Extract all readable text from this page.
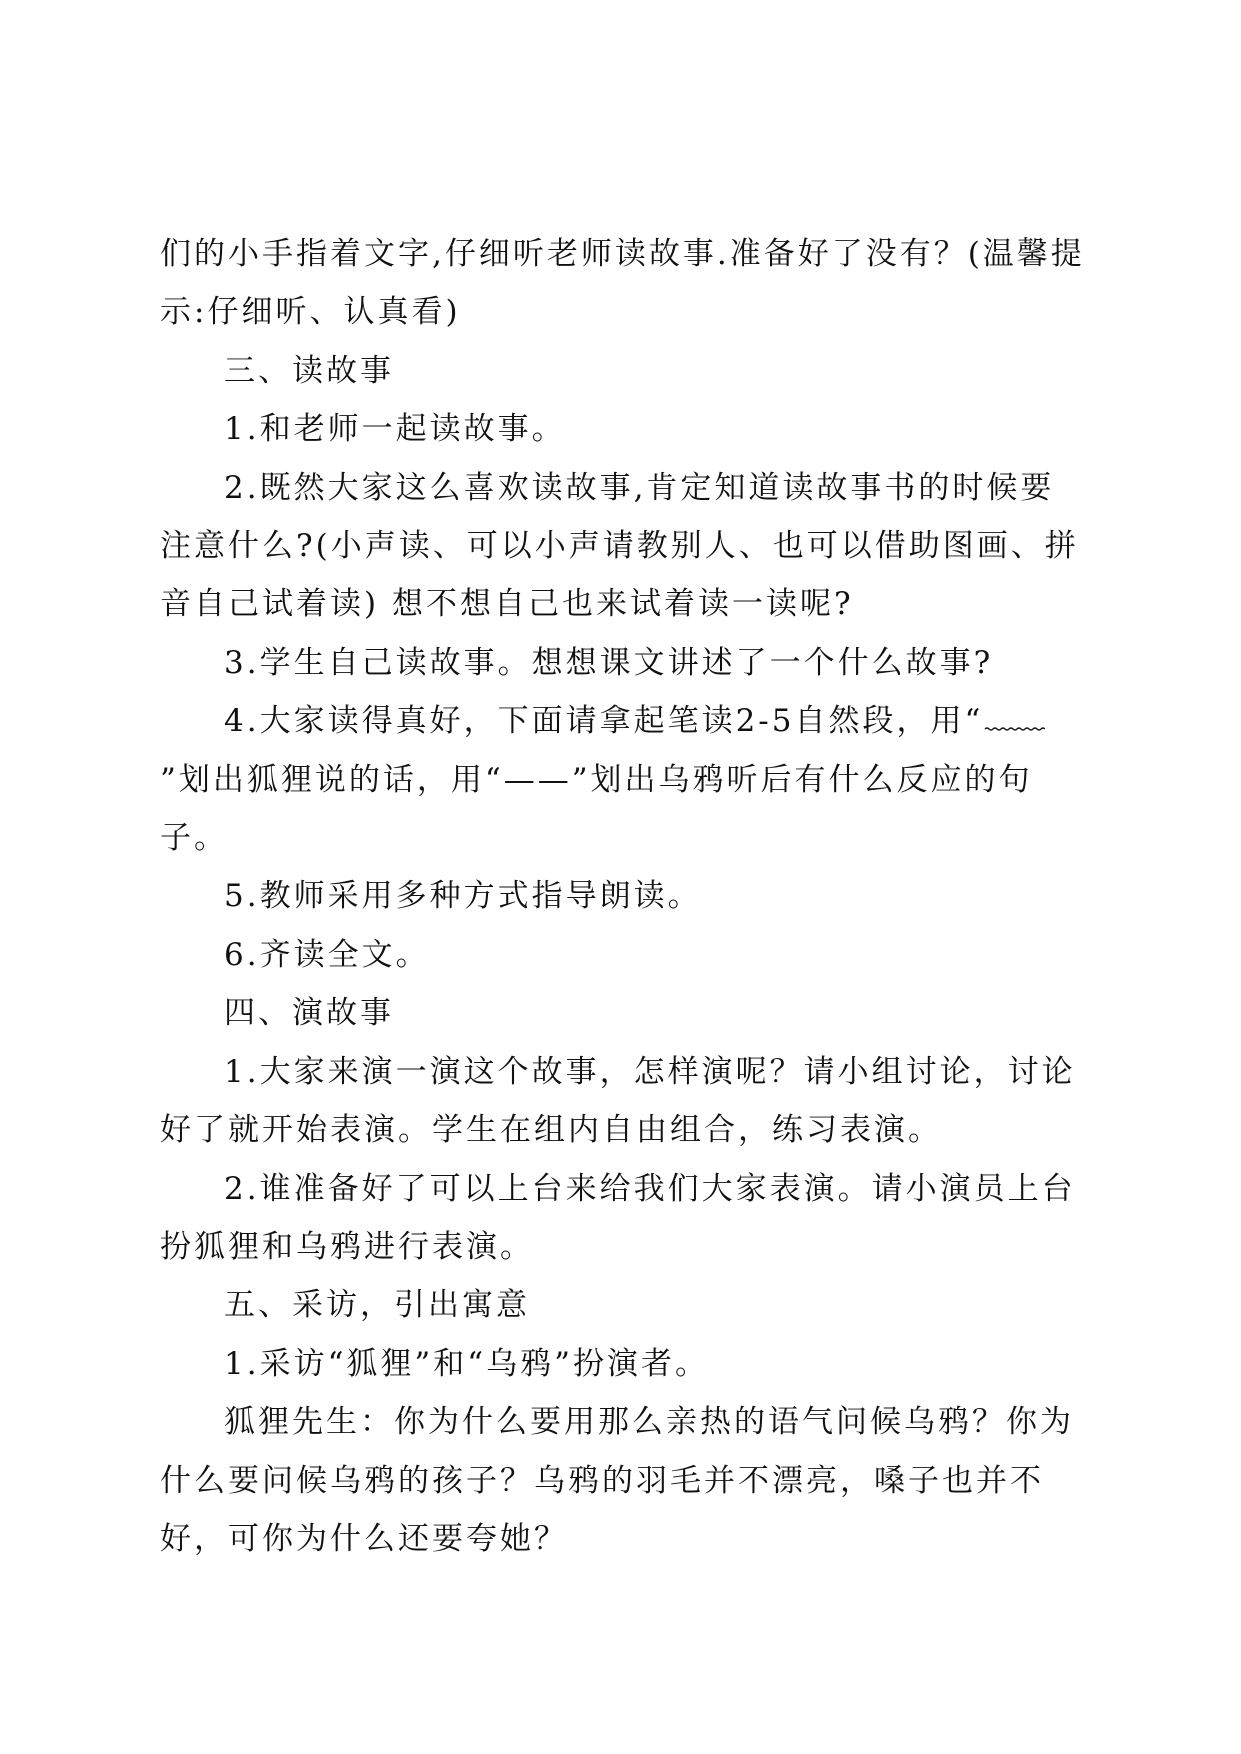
们的小手指着文字,仔细听老师读故事.准备好了没有？(温馨提示:仔细听、认真看)

三、读故事

1.和老师一起读故事。

2.既然大家这么喜欢读故事,肯定知道读故事书的时候要注意什么?(小声读、可以小声请教别人、也可以借助图画、拼音自己试着读) 想不想自己也来试着读一读呢?

3.学生自己读故事。想想课文讲述了一个什么故事?

4.大家读得真好，下面请拿起笔读2-5自然段，用“”划出狐狸说的话，用“——”划出乌鸦听后有什么反应的句子。

5.教师采用多种方式指导朗读。

6.齐读全文。

四、演故事

1.大家来演一演这个故事，怎样演呢？请小组讨论，讨论好了就开始表演。学生在组内自由组合，练习表演。

2.谁准备好了可以上台来给我们大家表演。请小演员上台扮狐狸和乌鸦进行表演。

五、采访，引出寓意

1.采访“狐狸”和“乌鸦”扮演者。

狐狸先生：你为什么要用那么亲热的语气问候乌鸦？你为什么要问候乌鸦的孩子？乌鸦的羽毛并不漂亮，嗓子也并不好，可你为什么还要夸她？
